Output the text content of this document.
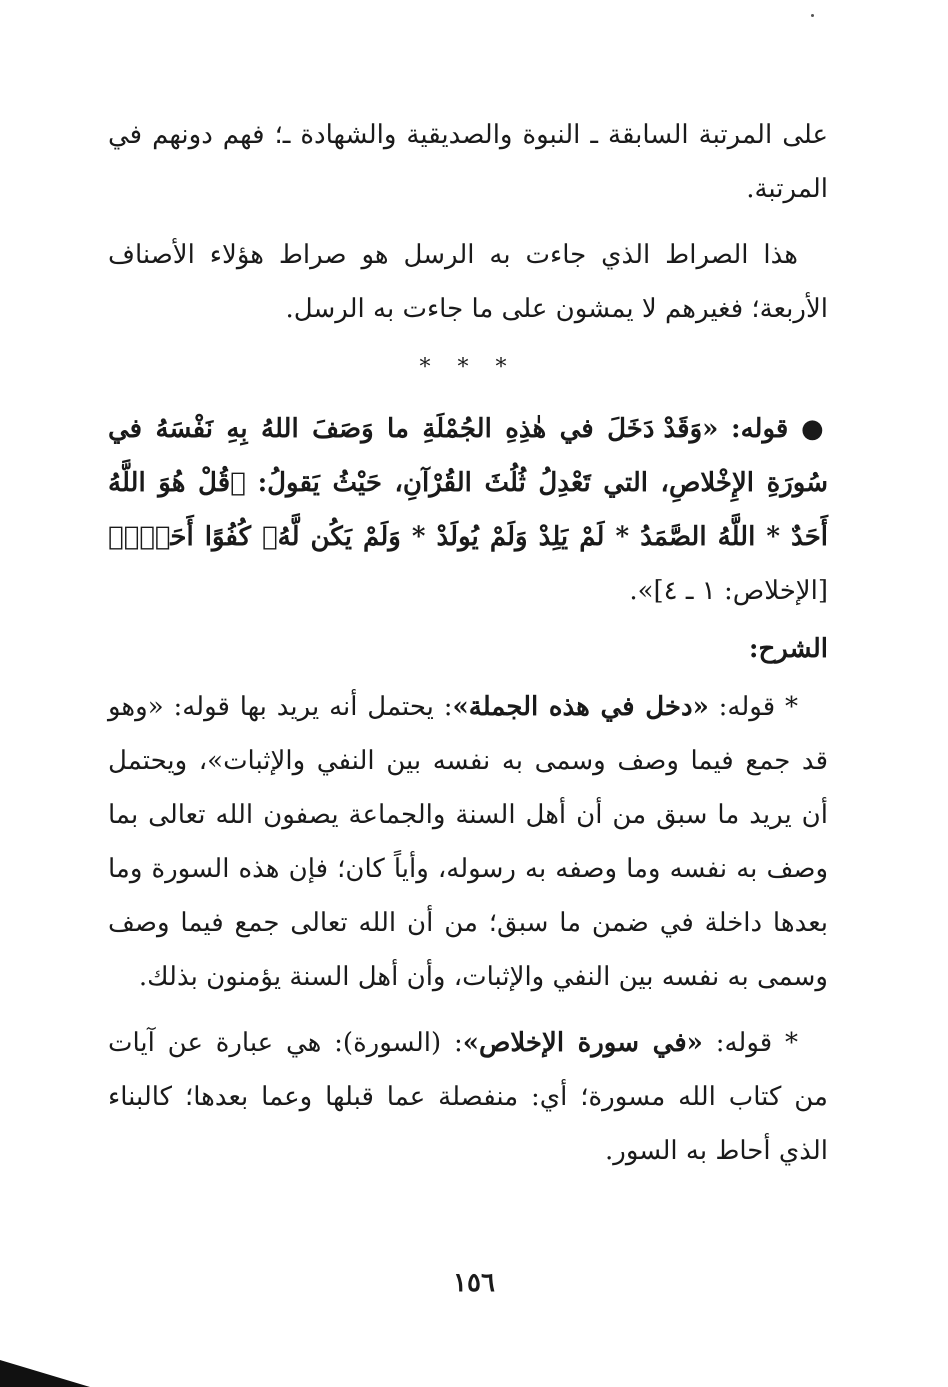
على المرتبة السابقة ـ النبوة والصديقية والشهادة ـ؛ فهم دونهم في المرتبة.

هذا الصراط الذي جاءت به الرسل هو صراط هؤلاء الأصناف الأربعة؛ فغيرهم لا يمشون على ما جاءت به الرسل.

* * *

● قوله: «وَقَدْ دَخَلَ في هٰذِهِ الجُمْلَةِ ما وَصَفَ اللهُ بِهِ نَفْسَهُ في سُورَةِ الإِخْلاصِ، التي تَعْدِلُ ثُلُثَ القُرْآنِ، حَيْثُ يَقولُ: ﴿قُلْ هُوَ اللَّهُ أَحَدٌ * اللَّهُ الصَّمَدُ * لَمْ يَلِدْ وَلَمْ يُولَدْ * وَلَمْ يَكُن لَّهُۥ كُفُوًا أَحَدٌۢ﴾ [الإخلاص: ١ ـ ٤]».

الشرح:

* قوله: «دخل في هذه الجملة»: يحتمل أنه يريد بها قوله: «وهو قد جمع فيما وصف وسمى به نفسه بين النفي والإثبات»، ويحتمل أن يريد ما سبق من أن أهل السنة والجماعة يصفون الله تعالى بما وصف به نفسه وما وصفه به رسوله، وأياً كان؛ فإن هذه السورة وما بعدها داخلة في ضمن ما سبق؛ من أن الله تعالى جمع فيما وصف وسمى به نفسه بين النفي والإثبات، وأن أهل السنة يؤمنون بذلك.

* قوله: «في سورة الإخلاص»: (السورة): هي عبارة عن آيات من كتاب الله مسورة؛ أي: منفصلة عما قبلها وعما بعدها؛ كالبناء الذي أحاط به السور.

١٥٦
